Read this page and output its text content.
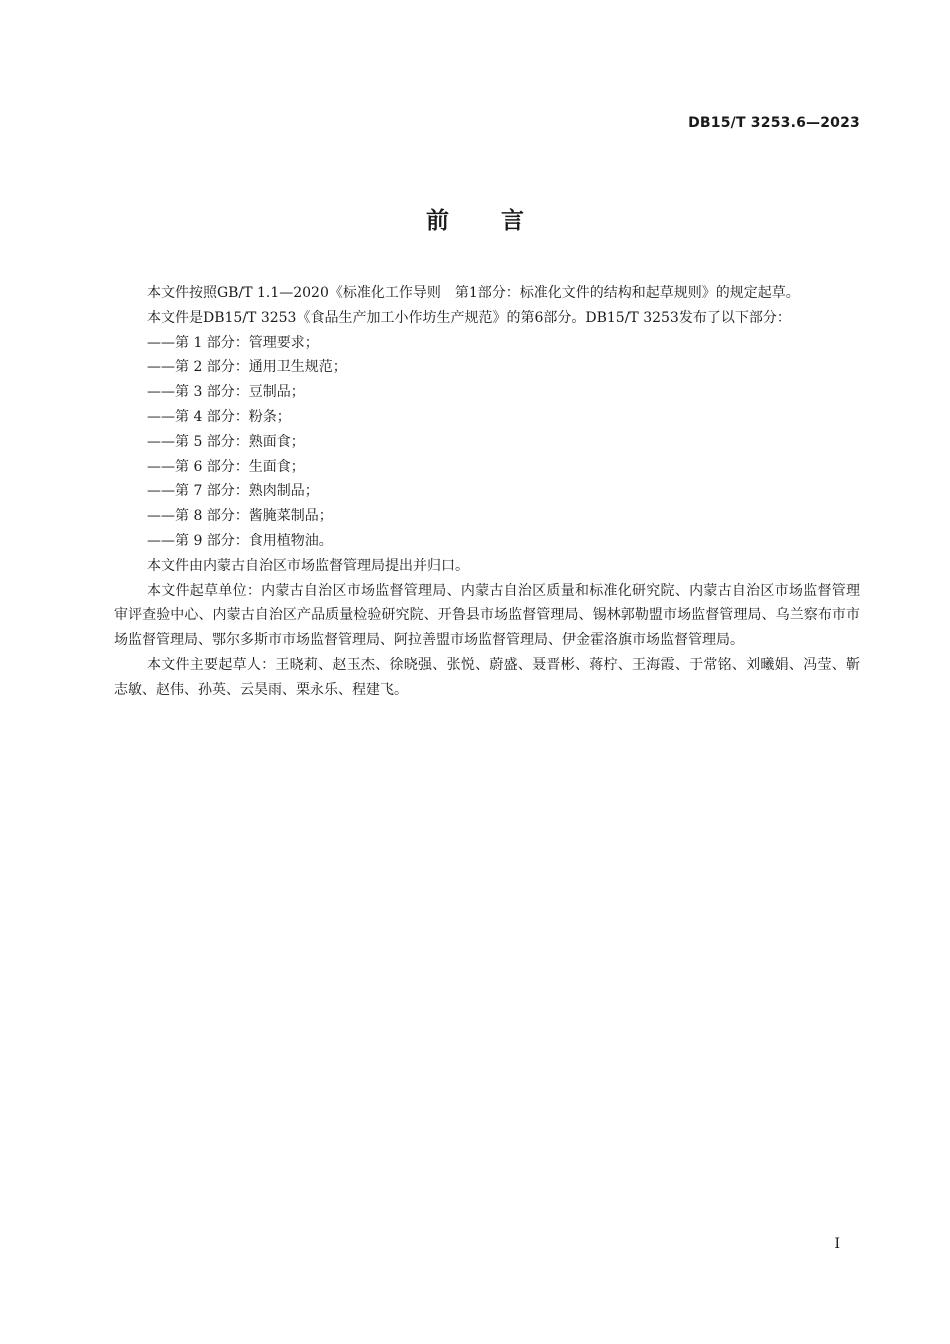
DB15/T 3253.6—2023
前言

本文件按照GB/T 1.1—2020《标准化工作导则　第1部分：标准化文件的结构和起草规则》的规定起草。

本文件是DB15/T 3253《食品生产加工小作坊生产规范》的第6部分。DB15/T 3253发布了以下部分：

——第 1 部分：管理要求；

——第 2 部分：通用卫生规范；

——第 3 部分：豆制品；

——第 4 部分：粉条；

——第 5 部分：熟面食；

——第 6 部分：生面食；

——第 7 部分：熟肉制品；

——第 8 部分：酱腌菜制品；

——第 9 部分：食用植物油。

本文件由内蒙古自治区市场监督管理局提出并归口。

本文件起草单位：内蒙古自治区市场监督管理局、内蒙古自治区质量和标准化研究院、内蒙古自治区市场监督管理审评查验中心、内蒙古自治区产品质量检验研究院、开鲁县市场监督管理局、锡林郭勒盟市场监督管理局、乌兰察布市市场监督管理局、鄂尔多斯市市场监督管理局、阿拉善盟市场监督管理局、伊金霍洛旗市场监督管理局。

本文件主要起草人：王晓莉、赵玉杰、徐晓强、张悦、蔚盛、聂晋彬、蒋柠、王海霞、于常铭、刘曦娟、冯莹、靳志敏、赵伟、孙英、云昊雨、栗永乐、程建飞。

I
